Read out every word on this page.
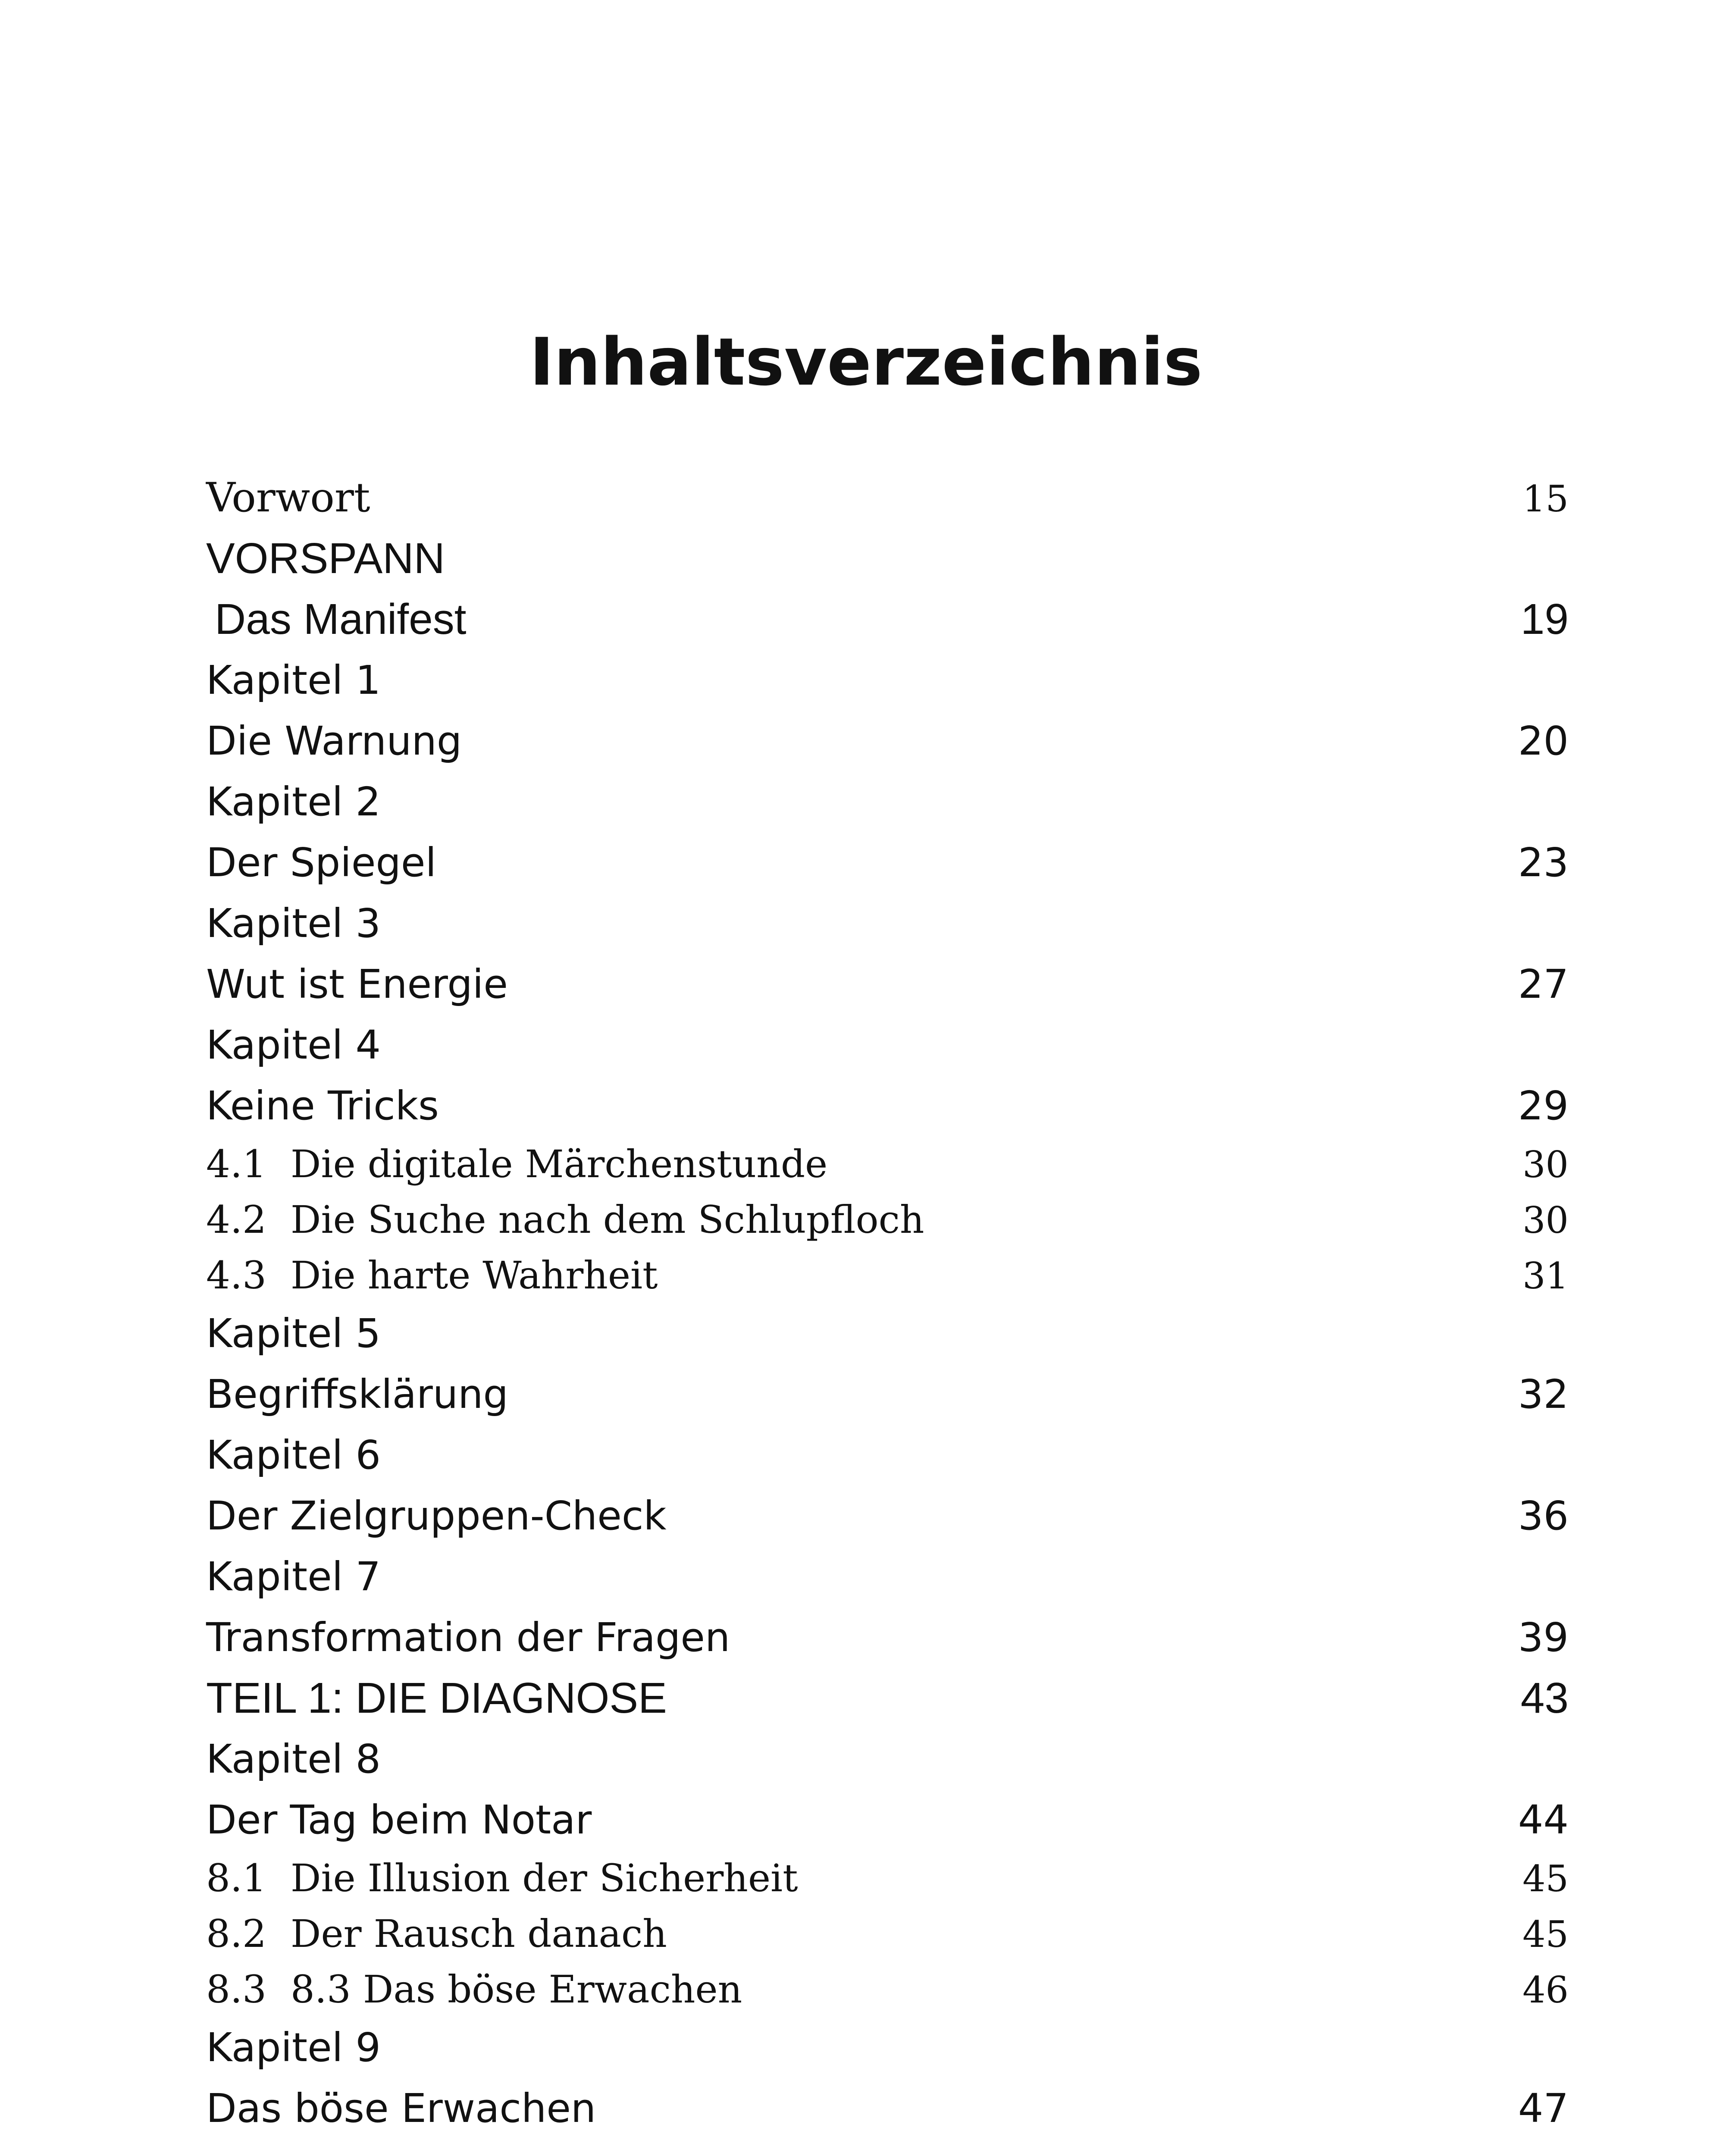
Inhaltsverzeichnis
Vorwort	15
VORSPANN
Das Manifest	19
Kapitel 1
Die Warnung	20
Kapitel 2
Der Spiegel	23
Kapitel 3
Wut ist Energie	27
Kapitel 4
Keine Tricks	29
4.1  Die digitale Märchenstunde	30
4.2  Die Suche nach dem Schlupfloch	30
4.3  Die harte Wahrheit	31
Kapitel 5
Begriffsklärung	32
Kapitel 6
Der Zielgruppen-Check	36
Kapitel 7
Transformation der Fragen	39
TEIL 1: DIE DIAGNOSE	43
Kapitel 8
Der Tag beim Notar	44
8.1  Die Illusion der Sicherheit	45
8.2  Der Rausch danach	45
8.3  8.3 Das böse Erwachen	46
Kapitel 9
Das böse Erwachen	47
